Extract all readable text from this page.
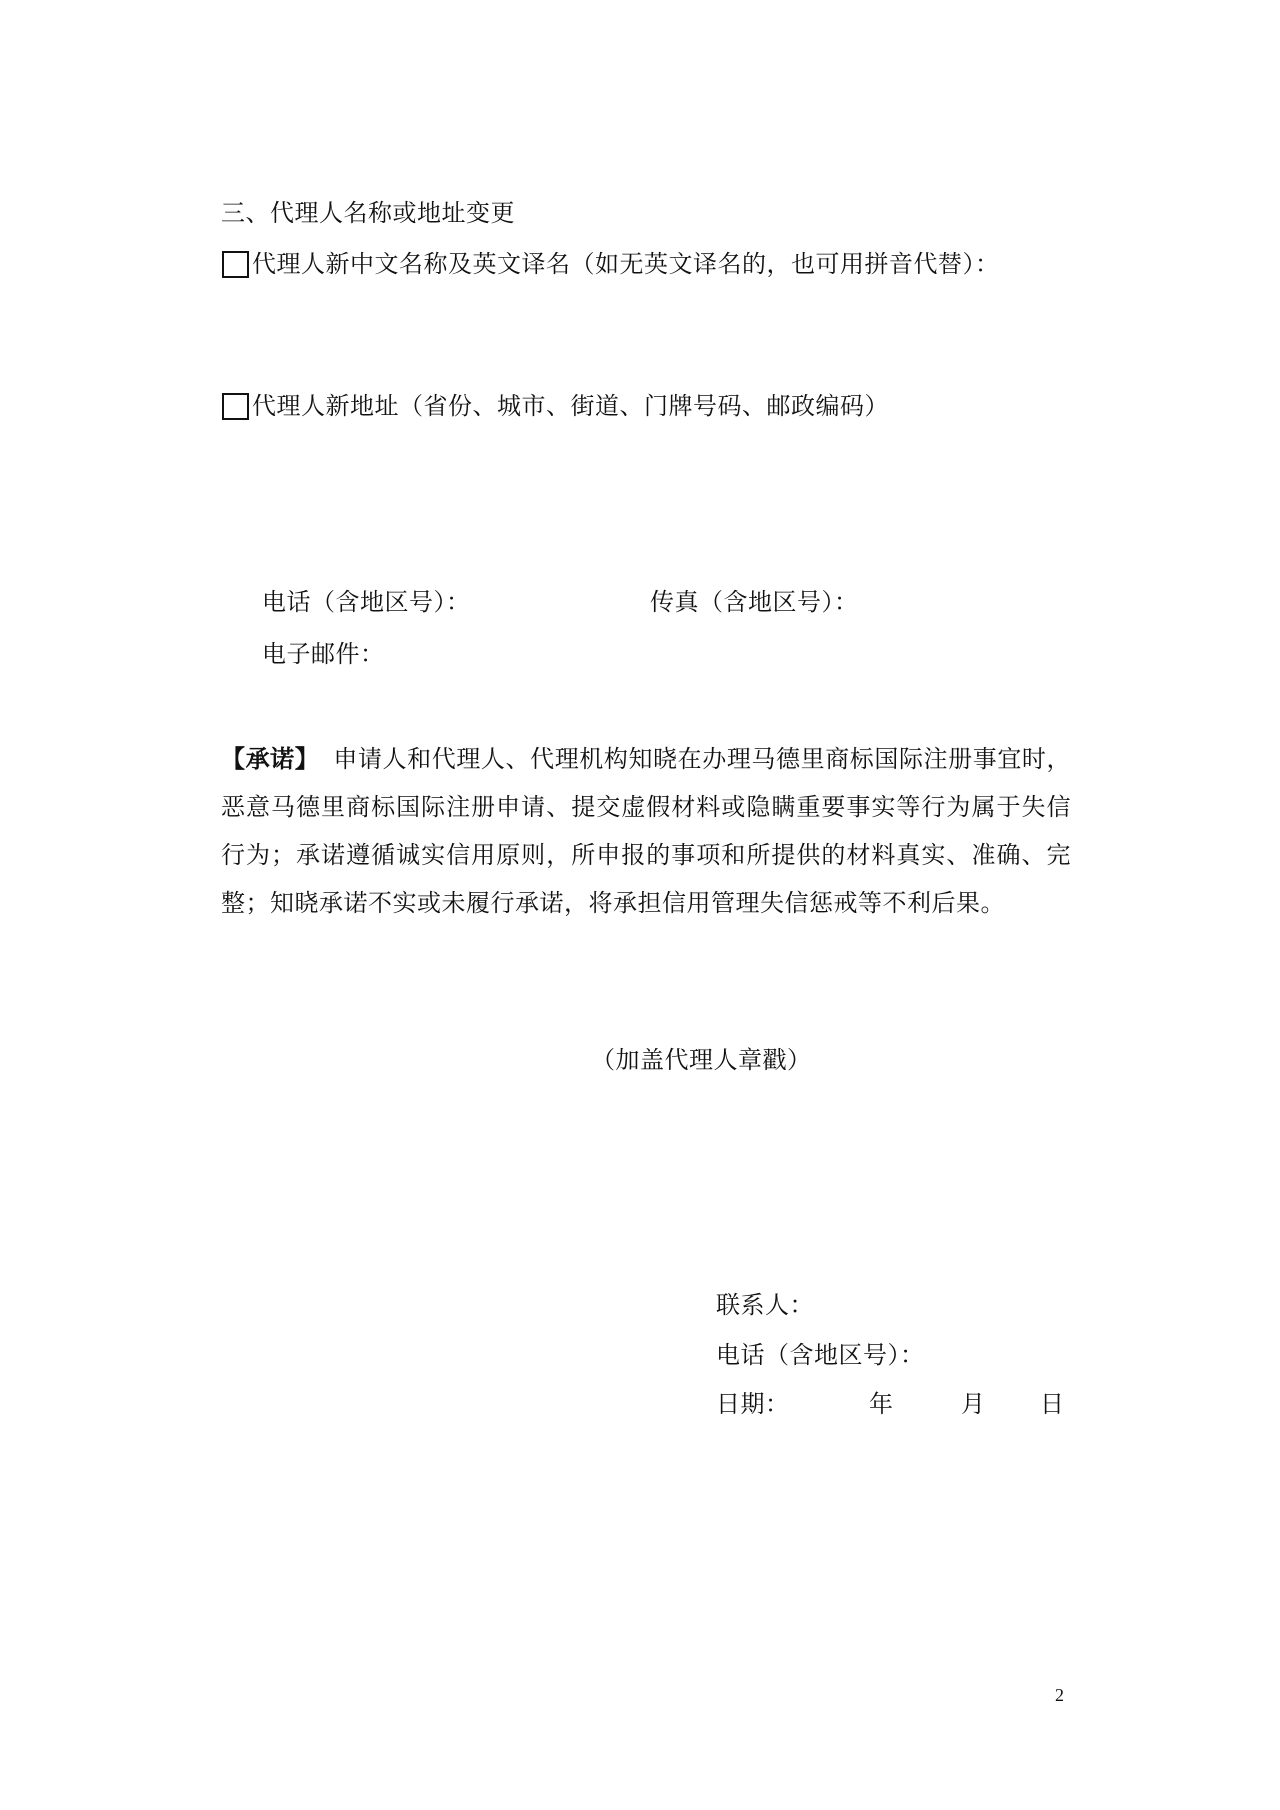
三、代理人名称或地址变更
代理人新中文名称及英文译名（如无英文译名的，也可用拼音代替）：
代理人新地址（省份、城市、街道、门牌号码、邮政编码）
电话（含地区号）：	传真（含地区号）：
电子邮件：
【承诺】 申请人和代理人、代理机构知晓在办理马德里商标国际注册事宜时，恶意马德里商标国际注册申请、提交虚假材料或隐瞒重要事实等行为属于失信行为；承诺遵循诚实信用原则，所申报的事项和所提供的材料真实、准确、完整；知晓承诺不实或未履行承诺，将承担信用管理失信惩戒等不利后果。
（加盖代理人章戳）
联系人：
电话（含地区号）：
日期：	年	月 日
2
